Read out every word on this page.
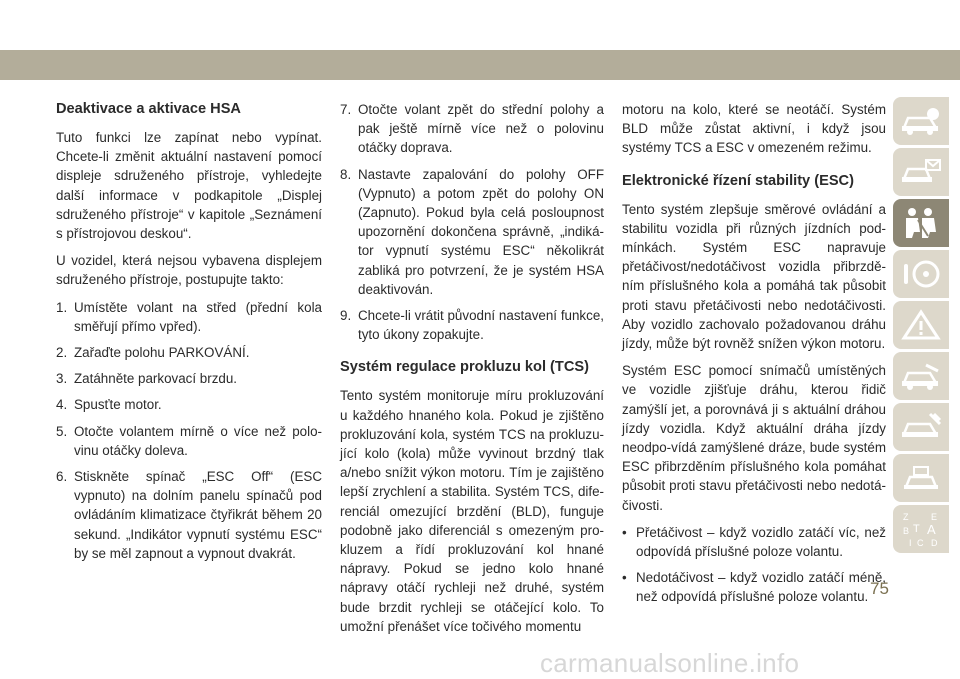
Deaktivace a aktivace HSA
Tuto funkci lze zapínat nebo vypínat. Chcete-li změnit aktuální nastavení pomocí displeje sdruženého přístroje, vyhledejte další informace v podkapitole „Displej sdruženého přístroje“ v kapitole „Seznámení s přístrojovou deskou“.
U vozidel, která nejsou vybavena displejem sdruženého přístroje, postupujte takto:
1. Umístěte volant na střed (přední kola směřují přímo vpřed).
2. Zařaďte polohu PARKOVÁNÍ.
3. Zatáhněte parkovací brzdu.
4. Spusťte motor.
5. Otočte volantem mírně o více než polo-vinu otáčky doleva.
6. Stiskněte spínač „ESC Off“ (ESC vypnuto) na dolním panelu spínačů pod ovládáním klimatizace čtyřikrát během 20 sekund. „Indikátor vypnutí systému ESC“ by se měl zapnout a vypnout dvakrát.
7. Otočte volant zpět do střední polohy a pak ještě mírně více než o polovinu otáčky doprava.
8. Nastavte zapalování do polohy OFF (Vypnuto) a potom zpět do polohy ON (Zapnuto). Pokud byla celá posloupnost upozornění dokončena správně, „indiká-tor vypnutí systému ESC“ několikrát zabliká pro potvrzení, že je systém HSA deaktivován.
9. Chcete-li vrátit původní nastavení funkce, tyto úkony zopakujte.
Systém regulace prokluzu kol (TCS)
Tento systém monitoruje míru prokluzování u každého hnaného kola. Pokud je zjištěno prokluzování kola, systém TCS na prokluzu-jící kolo (kola) může vyvinout brzdný tlak a/nebo snížit výkon motoru. Tím je zajištěno lepší zrychlení a stabilita. Systém TCS, dife-renciál omezující brzdění (BLD), funguje podobně jako diferenciál s omezeným pro-kluzem a řídí prokluzování kol hnané nápravy. Pokud se jedno kolo hnané nápravy otáčí rychleji než druhé, systém bude brzdit rychleji se otáčející kolo. To umožní přenášet více točivého momentu
motoru na kolo, které se neotáčí. Systém BLD může zůstat aktivní, i když jsou systémy TCS a ESC v omezeném režimu.
Elektronické řízení stability (ESC)
Tento systém zlepšuje směrové ovládání a stabilitu vozidla při různých jízdních pod-mínkách. Systém ESC napravuje přetáčivost/nedotáčivost vozidla přibrzdě-ním příslušného kola a pomáhá tak působit proti stavu přetáčivosti nebo nedotáčivosti. Aby vozidlo zachovalo požadovanou dráhu jízdy, může být rovněž snížen výkon motoru.
Systém ESC pomocí snímačů umístěných ve vozidle zjišťuje dráhu, kterou řidič zamýšlí jet, a porovnává ji s aktuální dráhou jízdy vozidla. Když aktuální dráha jízdy neodpo-vídá zamýšlené dráze, bude systém ESC přibrzděním příslušného kola pomáhat působit proti stavu přetáčivosti nebo nedotá-čivosti.
• Přetáčivost – když vozidlo zatáčí víc, než odpovídá příslušné poloze volantu.
• Nedotáčivost – když vozidlo zatáčí méně, než odpovídá příslušné poloze volantu.
Z	E
B A
I C
T
D
75
carmanualsonline.info
